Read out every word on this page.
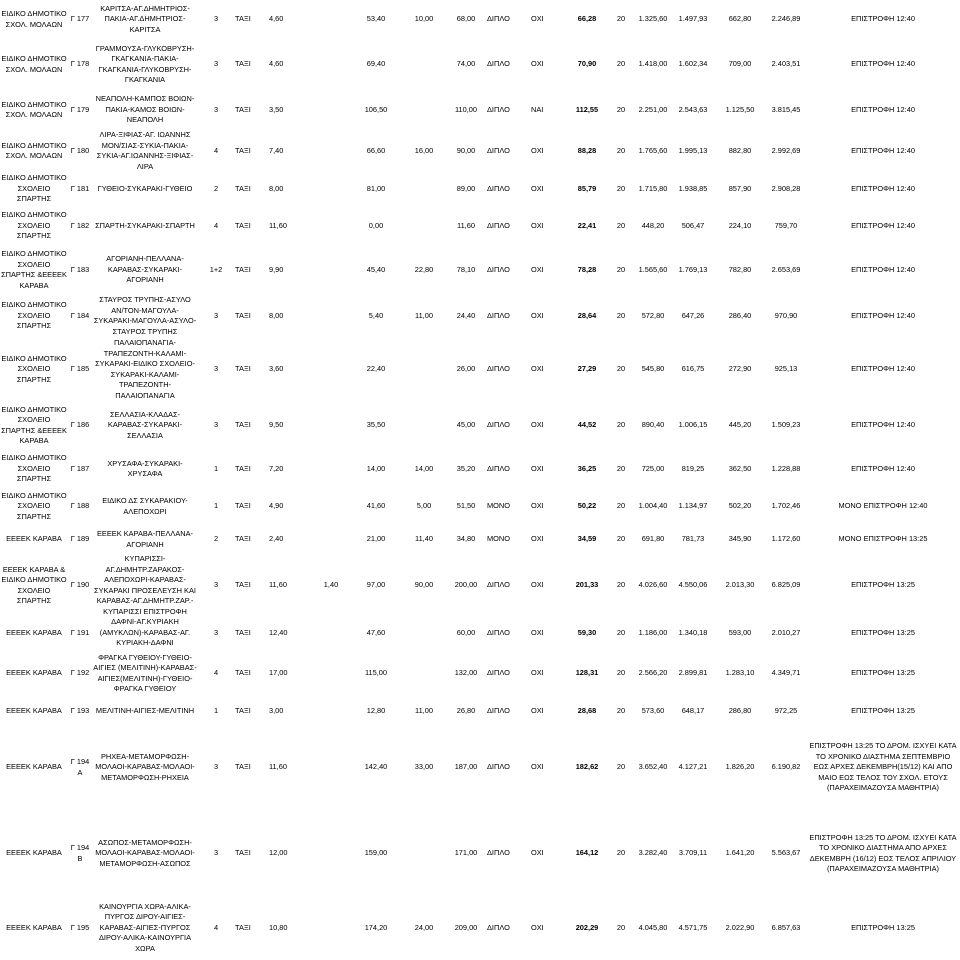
ΕΙΔΙΚΟ ΔΗΜΟΤΙΚΟ ΣΧΟΛ. ΜΟΛΑΩΝ	Γ 177	ΚΑΡΙΤΣΑ-ΑΓ.ΔΗΜΗΤΡΙΟΣ-ΠΑΚΙΑ-ΑΓ.ΔΗΜΗΤΡΙΟΣ-ΚΑΡΙΤΣΑ	3	ΤΑΞΙ	4,60		53,40	10,00	68,00	ΔΙΠΛΟ	ΟΧΙ	66,28	20	1.325,60	1.497,93	662,80	2.246,89	ΕΠΙΣΤΡΟΦΗ 12:40
ΕΙΔΙΚΟ ΔΗΜΟΤΙΚΟ ΣΧΟΛ. ΜΟΛΑΩΝ	Γ 178	ΓΡΑΜΜΟΥΣΑ-ΓΛΥΚΟΒΡΥΣΗ-ΓΚΑΓΚΑΝΙΑ-ΠΑΚΙΑ-ΓΚΑΓΚΑΝΙΑ-ΓΛΥΚΟΒΡΥΣΗ-ΓΚΑΓΚΑΝΙΑ	3	ΤΑΞΙ	4,60		69,40		74,00	ΔΙΠΛΟ	ΟΧΙ	70,90	20	1.418,00	1.602,34	709,00	2.403,51	ΕΠΙΣΤΡΟΦΗ 12:40
ΕΙΔΙΚΟ ΔΗΜΟΤΙΚΟ ΣΧΟΛ. ΜΟΛΑΩΝ	Γ 179	ΝΕΑΠΟΛΗ-ΚΑΜΠΟΣ ΒΟΙΩΝ-ΠΑΚΙΑ-ΚΑΜΟΣ ΒΟΙΩΝ-ΝΕΑΠΟΛΗ	3	ΤΑΞΙ	3,50		106,50		110,00	ΔΙΠΛΟ	ΝΑΙ	112,55	20	2.251,00	2.543,63	1.125,50	3.815,45	ΕΠΙΣΤΡΟΦΗ 12:40
ΕΙΔΙΚΟ ΔΗΜΟΤΙΚΟ ΣΧΟΛ. ΜΟΛΑΩΝ	Γ 180	ΛΙΡΑ-ΞΙΦΙΑΣ-ΑΓ. ΙΩΑΝΝΗΣ ΜΟΝ/ΣΙΑΣ-ΣΥΚΙΑ-ΠΑΚΙΑ-ΣΥΚΙΑ-ΑΓ.ΙΩΑΝΝΗΣ-ΞΙΦΙΑΣ-ΛΙΡΑ	4	ΤΑΞΙ	7,40		66,60	16,00	90,00	ΔΙΠΛΟ	ΟΧΙ	88,28	20	1.765,60	1.995,13	882,80	2.992,69	ΕΠΙΣΤΡΟΦΗ 12:40
ΕΙΔΙΚΟ ΔΗΜΟΤΙΚΟ ΣΧΟΛΕΙΟ ΣΠΑΡΤΗΣ	Γ 181	ΓΥΘΕΙΟ-ΣΥΚΑΡΑΚΙ-ΓΥΘΕΙΟ	2	ΤΑΞΙ	8,00		81,00		89,00	ΔΙΠΛΟ	ΟΧΙ	85,79	20	1.715,80	1.938,85	857,90	2.908,28	ΕΠΙΣΤΡΟΦΗ 12:40
ΕΙΔΙΚΟ ΔΗΜΟΤΙΚΟ ΣΧΟΛΕΙΟ ΣΠΑΡΤΗΣ	Γ 182	ΣΠΑΡΤΗ-ΣΥΚΑΡΑΚΙ-ΣΠΑΡΤΗ	4	ΤΑΞΙ	11,60		0,00		11,60	ΔΙΠΛΟ	ΟΧΙ	22,41	20	448,20	506,47	224,10	759,70	ΕΠΙΣΤΡΟΦΗ 12:40
ΕΙΔΙΚΟ ΔΗΜΟΤΙΚΟ ΣΧΟΛΕΙΟ ΣΠΑΡΤΗΣ &ΕΕΕΕΚ ΚΑΡΑΒΑ	Γ 183	ΑΓΟΡΙΑΝΗ-ΠΕΛΛΑΝΑ-ΚΑΡΑΒΑΣ-ΣΥΚΑΡΑΚΙ-ΑΓΟΡΙΑΝΗ	1+2	ΤΑΞΙ	9,90		45,40	22,80	78,10	ΔΙΠΛΟ	ΟΧΙ	78,28	20	1.565,60	1.769,13	782,80	2.653,69	ΕΠΙΣΤΡΟΦΗ 12:40
ΕΙΔΙΚΟ ΔΗΜΟΤΙΚΟ ΣΧΟΛΕΙΟ ΣΠΑΡΤΗΣ	Γ 184	ΣΤΑΥΡΟΣ ΤΡΥΠΗΣ-ΑΣΥΛΟ ΑΝ/ΤΟΝ-ΜΑΓΟΥΛΑ-ΣΥΚΑΡΑΚΙ-ΜΑΓΟΥΛΑ-ΑΣΥΛΟ-ΣΤΑΥΡΟΣ ΤΡΥΠΗΣ	3	ΤΑΞΙ	8,00		5,40	11,00	24,40	ΔΙΠΛΟ	ΟΧΙ	28,64	20	572,80	647,26	286,40	970,90	ΕΠΙΣΤΡΟΦΗ 12:40
ΕΙΔΙΚΟ ΔΗΜΟΤΙΚΟ ΣΧΟΛΕΙΟ ΣΠΑΡΤΗΣ	Γ 185	ΠΑΛΑΙΟΠΑΝΑΓΙΑ-ΤΡΑΠΕΖΟΝΤΗ-ΚΑΛΑΜΙ-ΣΥΚΑΡΑΚΙ-ΕΙΔΙΚΟ ΣΧΟΛΕΙΟ-ΣΥΚΑΡΑΚΙ-ΚΑΛΑΜΙ-ΤΡΑΠΕΖΟΝΤΗ-ΠΑΛΑΙΟΠΑΝΑΓΙΑ	3	ΤΑΞΙ	3,60		22,40		26,00	ΔΙΠΛΟ	ΟΧΙ	27,29	20	545,80	616,75	272,90	925,13	ΕΠΙΣΤΡΟΦΗ 12:40
ΕΙΔΙΚΟ ΔΗΜΟΤΙΚΟ ΣΧΟΛΕΙΟ ΣΠΑΡΤΗΣ &ΕΕΕΕΚ ΚΑΡΑΒΑ	Γ 186	ΣΕΛΛΑΣΙΑ-ΚΛΑΔΑΣ-ΚΑΡΑΒΑΣ-ΣΥΚΑΡΑΚΙ-ΣΕΛΛΑΣΙΑ	3	ΤΑΞΙ	9,50		35,50		45,00	ΔΙΠΛΟ	ΟΧΙ	44,52	20	890,40	1.006,15	445,20	1.509,23	ΕΠΙΣΤΡΟΦΗ 12:40
ΕΙΔΙΚΟ ΔΗΜΟΤΙΚΟ ΣΧΟΛΕΙΟ ΣΠΑΡΤΗΣ	Γ 187	ΧΡΥΣΑΦΑ-ΣΥΚΑΡΑΚΙ-ΧΡΥΣΑΦΑ	1	ΤΑΞΙ	7,20		14,00	14,00	35,20	ΔΙΠΛΟ	ΟΧΙ	36,25	20	725,00	819,25	362,50	1.228,88	ΕΠΙΣΤΡΟΦΗ 12:40
ΕΙΔΙΚΟ ΔΗΜΟΤΙΚΟ ΣΧΟΛΕΙΟ ΣΠΑΡΤΗΣ	Γ 188	ΕΙΔΙΚΟ ΔΣ ΣΥΚΑΡΑΚΙΟΥ-ΑΛΕΠΟΧΩΡΙ	1	ΤΑΞΙ	4,90		41,60	5,00	51,50	ΜΟΝΟ	ΟΧΙ	50,22	20	1.004,40	1.134,97	502,20	1.702,46	ΜΟΝΟ ΕΠΙΣΤΡΟΦΗ 12:40
ΕΕΕΕΚ ΚΑΡΑΒΑ	Γ 189	ΕΕΕΕΚ ΚΑΡΑΒΑ-ΠΕΛΛΑΝΑ-ΑΓΟΡΙΑΝΗ	2	ΤΑΞΙ	2,40		21,00	11,40	34,80	ΜΟΝΟ	ΟΧΙ	34,59	20	691,80	781,73	345,90	1.172,60	ΜΟΝΟ ΕΠΙΣΤΡΟΦΗ 13:25
ΕΕΕΕΚ ΚΑΡΑΒΑ & ΕΙΔΙΚΟ ΔΗΜΟΤΙΚΟ ΣΧΟΛΕΙΟ ΣΠΑΡΤΗΣ	Γ 190	ΚΥΠΑΡΙΣΣΙ-ΑΓ.ΔΗΜΗΤΡ.ΖΑΡΑΚΟΣ-ΑΛΕΠΟΧΩΡΙ-ΚΑΡΑΒΑΣ-ΣΥΚΑΡΑΚΙ ΠΡΟΣΕΛΕΥΣΗ ΚΑΙ ΚΑΡΑΒΑΣ-ΑΓ.ΔΗΜΗΤΡ.ΖΑΡ.-ΚΥΠΑΡΙΣΣΙ ΕΠΙΣΤΡΟΦΗ	3	ΤΑΞΙ	11,60	1,40	97,00	90,00	200,00	ΔΙΠΛΟ	ΟΧΙ	201,33	20	4.026,60	4.550,06	2.013,30	6.825,09	ΕΠΙΣΤΡΟΦΗ 13:25
ΕΕΕΕΚ ΚΑΡΑΒΑ	Γ 191	ΔΑΦΝΙ-ΑΓ.ΚΥΡΙΑΚΗ (ΑΜΥΚΛΩΝ)-ΚΑΡΑΒΑΣ-ΑΓ. ΚΥΡΙΑΚΗ-ΔΑΦΝΙ	3	ΤΑΞΙ	12,40		47,60		60,00	ΔΙΠΛΟ	ΟΧΙ	59,30	20	1.186,00	1.340,18	593,00	2.010,27	ΕΠΙΣΤΡΟΦΗ 13:25
ΕΕΕΕΚ ΚΑΡΑΒΑ	Γ 192	ΦΡΑΓΚΑ ΓΥΘΕΙΟΥ-ΓΥΘΕΙΟ-ΑΙΓΙΕΣ (ΜΕΛΙΤΙΝΗ)-ΚΑΡΑΒΑΣ-ΑΙΓΙΕΣ(ΜΕΛΙΤΙΝΗ)-ΓΥΘΕΙΟ-ΦΡΑΓΚΑ ΓΥΘΕΙΟΥ	4	ΤΑΞΙ	17,00		115,00		132,00	ΔΙΠΛΟ	ΟΧΙ	128,31	20	2.566,20	2.899,81	1.283,10	4.349,71	ΕΠΙΣΤΡΟΦΗ 13:25
ΕΕΕΕΚ ΚΑΡΑΒΑ	Γ 193	ΜΕΛΙΤΙΝΗ-ΑΙΓΙΕΣ-ΜΕΛΙΤΙΝΗ	1	ΤΑΞΙ	3,00		12,80	11,00	26,80	ΔΙΠΛΟ	ΟΧΙ	28,68	20	573,60	648,17	286,80	972,25	ΕΠΙΣΤΡΟΦΗ 13:25
ΕΕΕΕΚ ΚΑΡΑΒΑ	Γ 194 Α	ΡΗΧΕΑ-ΜΕΤΑΜΟΡΦΩΣΗ-ΜΟΛΑΟΙ-ΚΑΡΑΒΑΣ-ΜΟΛΑΟΙ-ΜΕΤΑΜΟΡΦΩΣΗ-ΡΗΧΕΙΑ	3	ΤΑΞΙ	11,60		142,40	33,00	187,00	ΔΙΠΛΟ	ΟΧΙ	182,62	20	3.652,40	4.127,21	1.826,20	6.190,82	ΕΠΙΣΤΡΟΦΗ 13:25 ΤΟ ΔΡΟΜ. ΙΣΧΥΕΙ ΚΑΤΑ ΤΟ ΧΡΟΝΙΚΟ ΔΙΑΣΤΗΜΑ ΣΕΠΤΕΜΒΡΙΟ ΕΩΣ ΑΡΧΕΣ ΔΕΚΕΜΒΡΗ(15/12) ΚΑΙ ΑΠΟ ΜΑΙΟ ΕΩΣ ΤΕΛΟΣ ΤΟΥ ΣΧΟΛ. ΕΤΟΥΣ (ΠΑΡΑΧΕΙΜΑΖΟΥΣΑ ΜΑΘΗΤΡΙΑ)
ΕΕΕΕΚ ΚΑΡΑΒΑ	Γ 194 Β	ΑΣΩΠΟΣ-ΜΕΤΑΜΟΡΦΩΣΗ-ΜΟΛΑΟΙ-ΚΑΡΑΒΑΣ-ΜΟΛΑΟΙ-ΜΕΤΑΜΟΡΦΩΣΗ-ΑΣΩΠΟΣ	3	ΤΑΞΙ	12,00		159,00		171,00	ΔΙΠΛΟ	ΟΧΙ	164,12	20	3.282,40	3.709,11	1.641,20	5.563,67	ΕΠΙΣΤΡΟΦΗ 13:25 ΤΟ ΔΡΟΜ. ΙΣΧΥΕΙ ΚΑΤΑ ΤΟ ΧΡΟΝΙΚΟ ΔΙΑΣΤΗΜΑ ΑΠΟ ΑΡΧΕΣ ΔΕΚΕΜΒΡΗ (16/12) ΕΩΣ ΤΕΛΟΣ ΑΠΡΙΛΙΟΥ (ΠΑΡΑΧΕΙΜΑΖΟΥΣΑ ΜΑΘΗΤΡΙΑ)
ΕΕΕΕΚ ΚΑΡΑΒΑ	Γ 195	ΚΑΙΝΟΥΡΓΙΑ ΧΩΡΑ-ΑΛΙΚΑ-ΠΥΡΓΟΣ ΔΙΡΟΥ-ΑΙΓΙΕΣ-ΚΑΡΑΒΑΣ-ΑΙΓΙΕΣ-ΠΥΡΓΟΣ ΔΙΡΟΥ-ΑΛΙΚΑ-ΚΑΙΝΟΥΡΓΙΑ ΧΩΡΑ	4	ΤΑΞΙ	10,80		174,20	24,00	209,00	ΔΙΠΛΟ	ΟΧΙ	202,29	20	4.045,80	4.571,75	2.022,90	6.857,63	ΕΠΙΣΤΡΟΦΗ 13:25
